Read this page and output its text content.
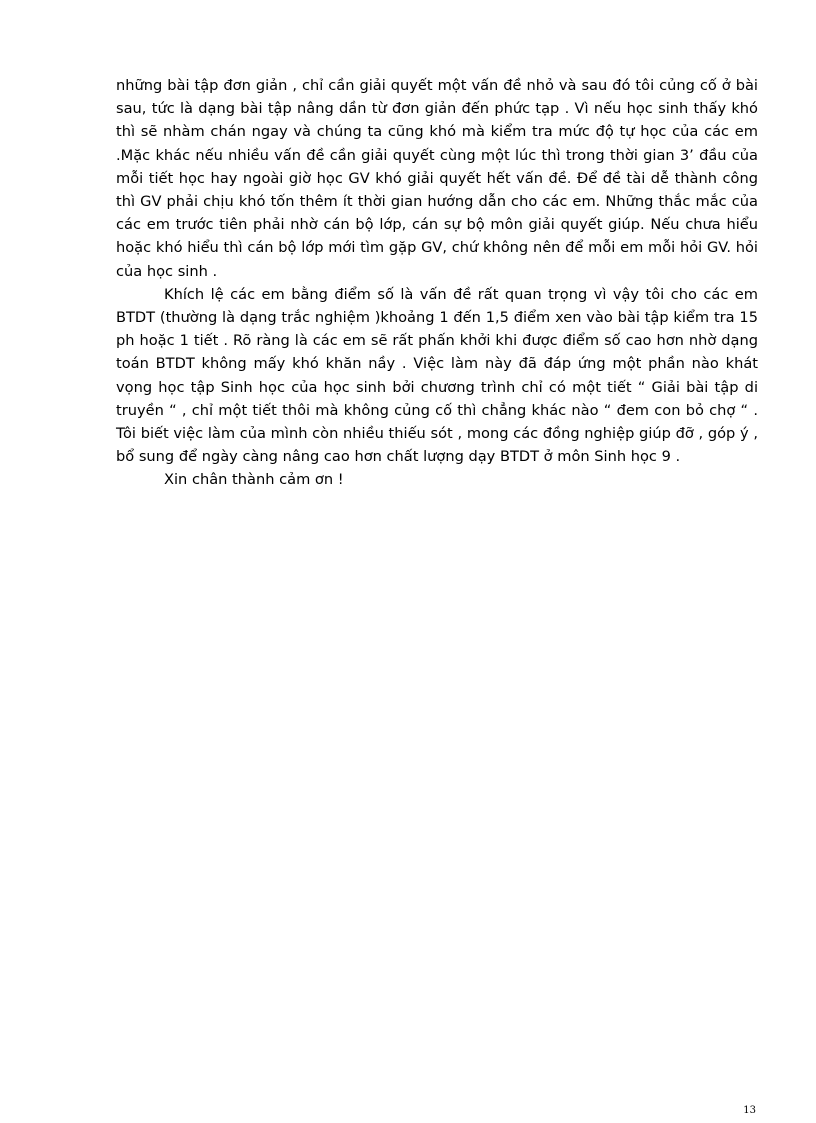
những bài tập đơn giản , chỉ cần giải quyết một vấn đề nhỏ và sau đó tôi củng cố ở bài sau, tức là dạng bài tập nâng dần từ đơn giản đến phức tạp . Vì nếu học sinh thấy khó thì sẽ nhàm chán ngay và chúng ta cũng khó mà kiểm tra mức độ tự học của các em .Mặc khác nếu nhiều vấn đề cần giải quyết cùng một lúc thì trong thời gian 3’ đầu của mỗi tiết học hay ngoài giờ học GV khó giải quyết hết vấn đề. Để đề tài dễ thành công thì GV phải chịu khó tốn thêm ít thời gian hướng dẫn cho các em. Những thắc mắc của các em trước tiên phải nhờ cán bộ lớp, cán sự bộ môn giải quyết giúp. Nếu chưa hiểu hoặc khó hiểu thì cán bộ lớp mới tìm gặp GV, chứ không nên để mỗi em mỗi hỏi GV. hỏi của học sinh .

Khích lệ các em bằng điểm số là vấn đề rất quan trọng vì vậy tôi cho các em BTDT (thường là dạng trắc nghiệm )khoảng 1 đến 1,5 điểm xen vào bài tập kiểm tra 15 ph hoặc 1 tiết . Rõ ràng là các em sẽ rất phấn khởi khi được điểm số cao hơn nhờ dạng toán BTDT không mấy khó khăn nầy . Việc làm này đã đáp ứng một phần nào khát vọng học tập Sinh học của học sinh bởi chương trình chỉ có một tiết “ Giải bài tập di truyền “ , chỉ một tiết thôi mà không củng cố thì chẳng khác nào “ đem con bỏ chợ “ . Tôi biết việc làm của mình còn nhiều thiếu sót , mong các đồng nghiệp giúp đỡ , góp ý , bổ sung để ngày càng nâng cao hơn chất lượng dạy BTDT ở môn Sinh học 9 .

Xin chân thành cảm ơn !

13
